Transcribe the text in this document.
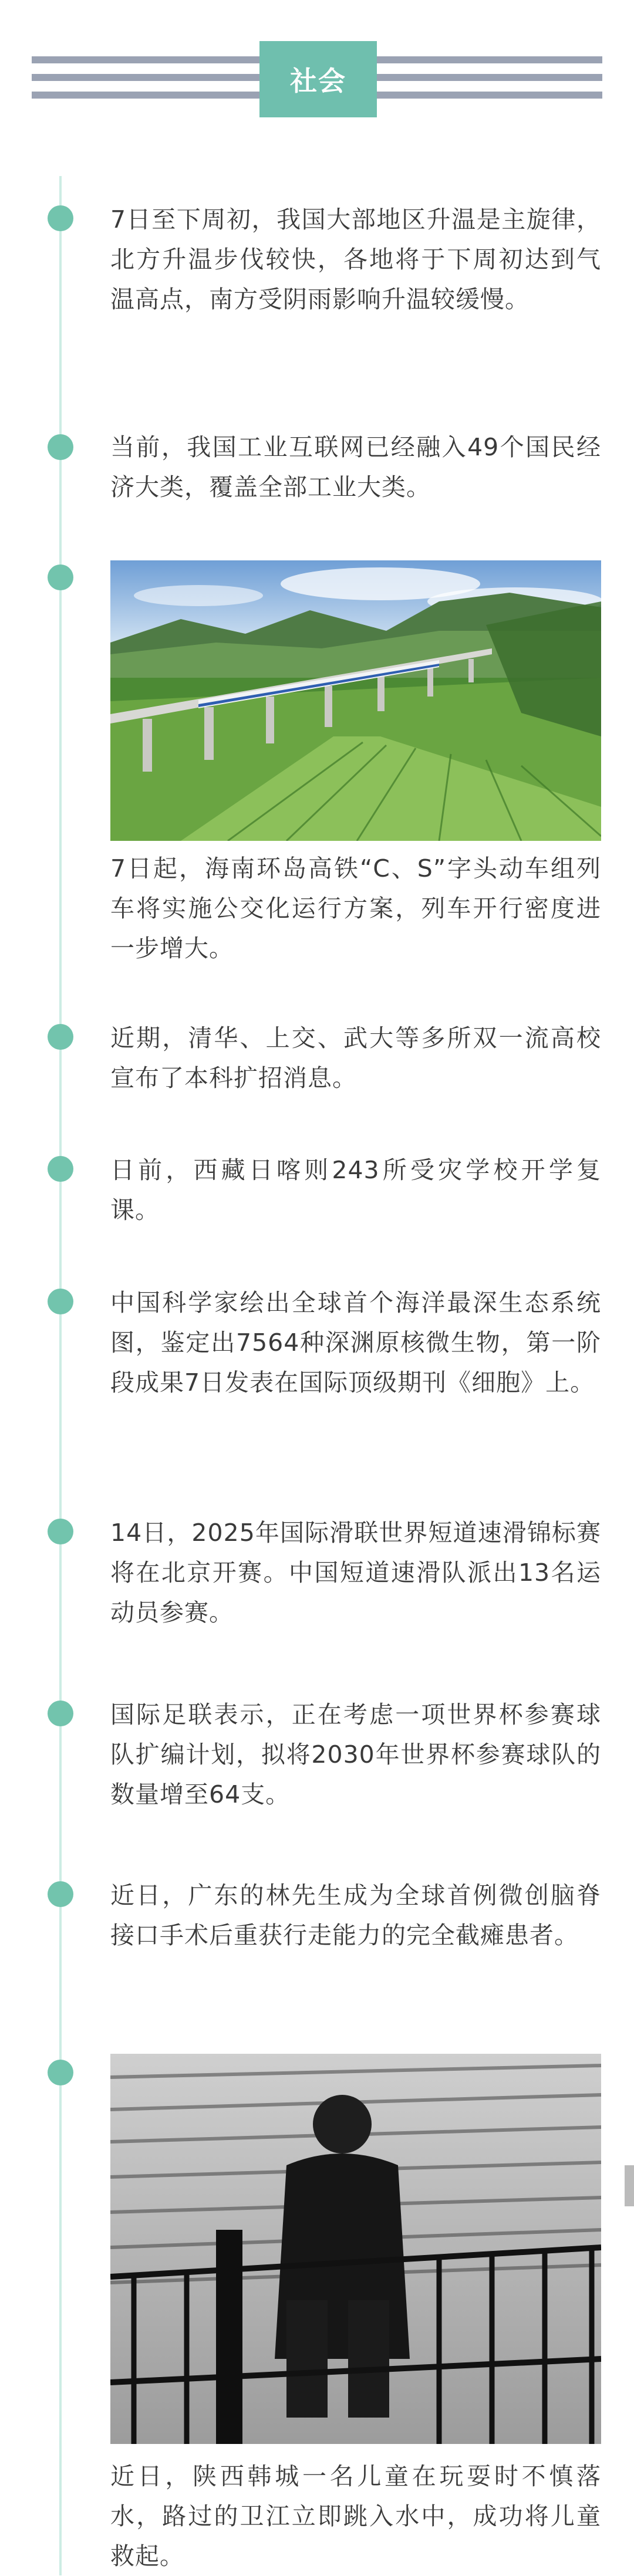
社会
7日至下周初，我国大部地区升温是主旋律，北方升温步伐较快，各地将于下周初达到气温高点，南方受阴雨影响升温较缓慢。
当前，我国工业互联网已经融入49个国民经济大类，覆盖全部工业大类。
7日起，海南环岛高铁“C、S”字头动车组列车将实施公交化运行方案，列车开行密度进一步增大。
近期，清华、上交、武大等多所双一流高校宣布了本科扩招消息。
日前，西藏日喀则243所受灾学校开学复课。
中国科学家绘出全球首个海洋最深生态系统图，鉴定出7564种深渊原核微生物，第一阶段成果7日发表在国际顶级期刊《细胞》上。
14日，2025年国际滑联世界短道速滑锦标赛将在北京开赛。中国短道速滑队派出13名运动员参赛。
国际足联表示，正在考虑一项世界杯参赛球队扩编计划，拟将2030年世界杯参赛球队的数量增至64支。
近日，广东的林先生成为全球首例微创脑脊接口手术后重获行走能力的完全截瘫患者。
近日，陕西韩城一名儿童在玩耍时不慎落水，路过的卫江立即跳入水中，成功将儿童救起。
